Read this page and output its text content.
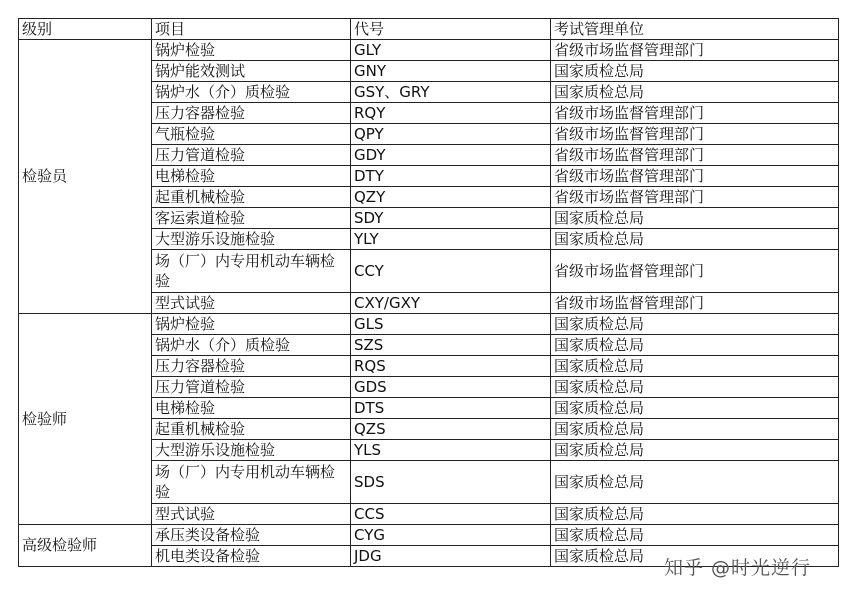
级别	项目	代号	考试管理单位
检验员	锅炉检验	GLY	省级市场监督管理部门
	锅炉能效测试	GNY	国家质检总局
	锅炉水（介）质检验	GSY、GRY	国家质检总局
	压力容器检验	RQY	省级市场监督管理部门
	气瓶检验	QPY	省级市场监督管理部门
	压力管道检验	GDY	省级市场监督管理部门
	电梯检验	DTY	省级市场监督管理部门
	起重机械检验	QZY	省级市场监督管理部门
	客运索道检验	SDY	国家质检总局
	大型游乐设施检验	YLY	国家质检总局
	场（厂）内专用机动车辆检验	CCY	省级市场监督管理部门
	型式试验	CXY/GXY	省级市场监督管理部门
检验师	锅炉检验	GLS	国家质检总局
	锅炉水（介）质检验	SZS	国家质检总局
	压力容器检验	RQS	国家质检总局
	压力管道检验	GDS	国家质检总局
	电梯检验	DTS	国家质检总局
	起重机械检验	QZS	国家质检总局
	大型游乐设施检验	YLS	国家质检总局
	场（厂）内专用机动车辆检验	SDS	国家质检总局
	型式试验	CCS	国家质检总局
高级检验师	承压类设备检验	CYG	国家质检总局
	机电类设备检验	JDG	国家质检总局
知乎 @时光逆行
